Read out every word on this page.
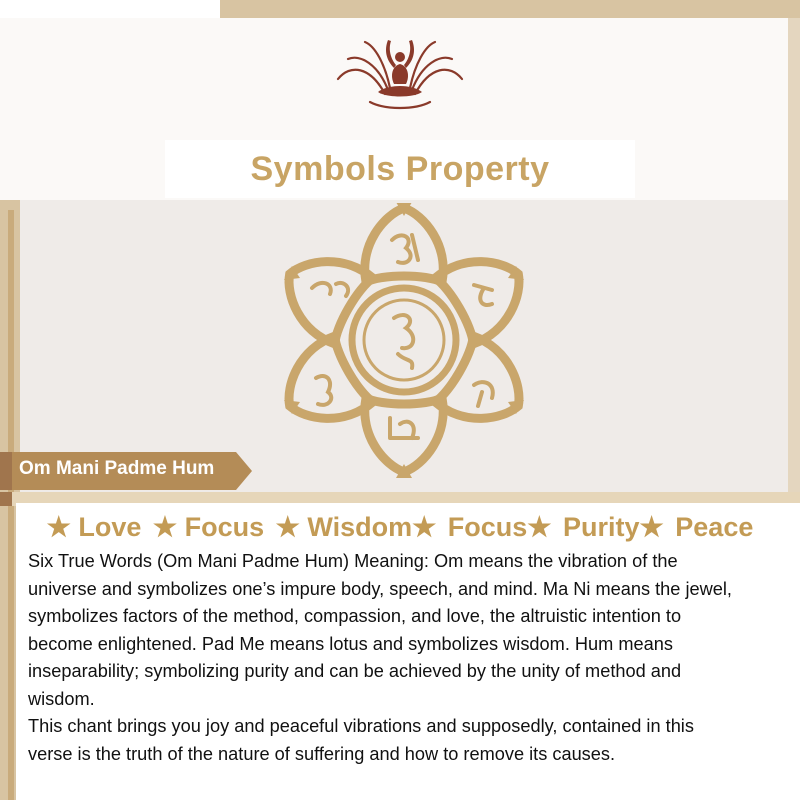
Symbols Property
Om Mani Padme Hum
★ Love ★ Focus ★ Wisdom★ Focus★ Purity★ Peace

Six True Words (Om Mani Padme Hum) Meaning: Om means the vibration of the

universe and symbolizes one’s impure body, speech, and mind. Ma Ni means the jewel,

symbolizes factors of the method, compassion, and love, the altruistic intention to

become enlightened. Pad Me means lotus and symbolizes wisdom. Hum means

inseparability; symbolizing purity and can be achieved by the unity of method and

wisdom.

This chant brings you joy and peaceful vibrations and supposedly, contained in this

verse is the truth of the nature of suffering and how to remove its causes.
